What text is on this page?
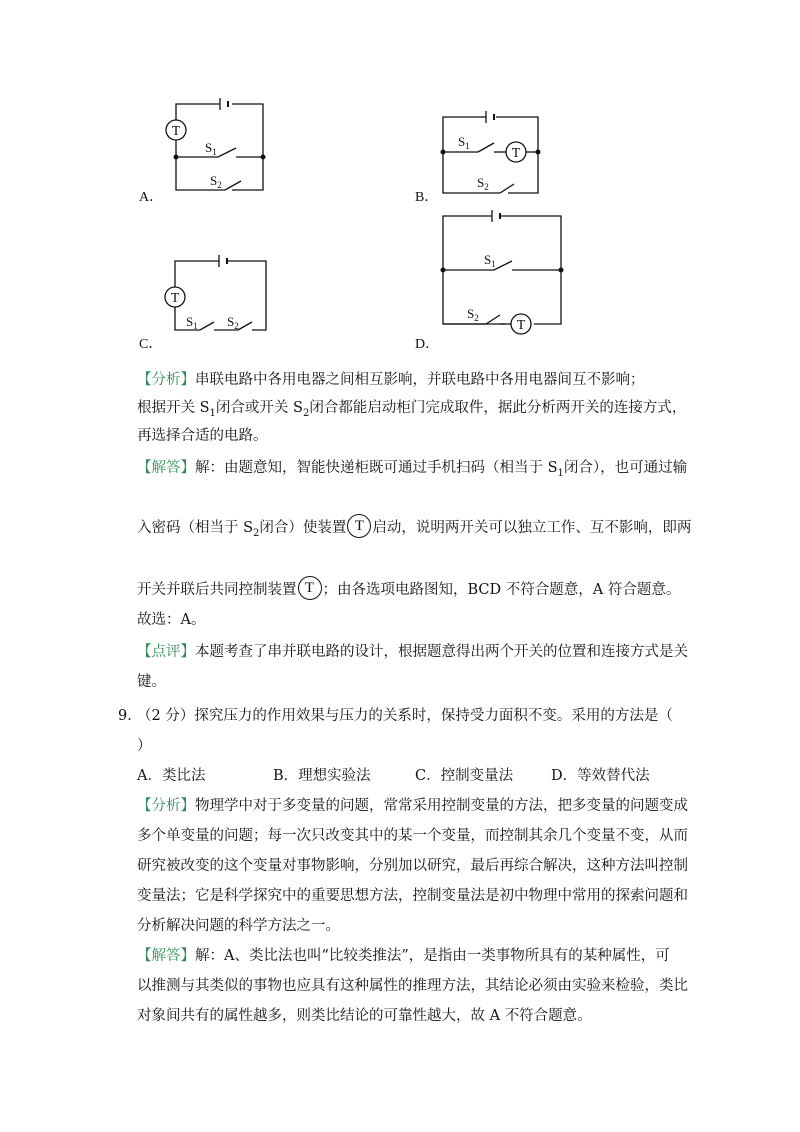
T
$S_1$
$S_2$
T
$S_1$
$S_2$
T
$S_1$ $S_2$	T
$S_1$
$S_2$
A．	B．
C．	D．
【分析】串联电路中各用电器之间相互影响，并联电路中各用电器间互不影响；
根据开关 $S_1$闭合或开关 $S_2$闭合都能启动柜门完成取件，据此分析两开关的连接方式，
再选择合适的电路。
【解答】解：由题意知，智能快递柜既可通过手机扫码（相当于 $S_1$闭合），也可通过输
入密码（相当于 $S_2$闭合）使装置 T 启动，说明两开关可以独立工作、互不影响，即两
开关并联后共同控制装置 T ；由各选项电路图知，BCD 不符合题意，A 符合题意。
故选：A。
【点评】本题考查了串并联电路的设计，根据题意得出两个开关的位置和连接方式是关
键。
9. （2 分）探究压力的作用效果与压力的关系时，保持受力面积不变。采用的方法是（
）
A．类比法	B．理想实验法	C．控制变量法	D．等效替代法
【分析】物理学中对于多变量的问题，常常采用控制变量的方法，把多变量的问题变成
多个单变量的问题；每一次只改变其中的某一个变量，而控制其余几个变量不变，从而
研究被改变的这个变量对事物影响，分别加以研究，最后再综合解决，这种方法叫控制
变量法；它是科学探究中的重要思想方法，控制变量法是初中物理中常用的探索问题和
分析解决问题的科学方法之一。
【解答】解：A、类比法也叫“比较类推法”，是指由一类事物所具有的某种属性，可
以推测与其类似的事物也应具有这种属性的推理方法，其结论必须由实验来检验，类比
对象间共有的属性越多，则类比结论的可靠性越大，故 A 不符合题意。
